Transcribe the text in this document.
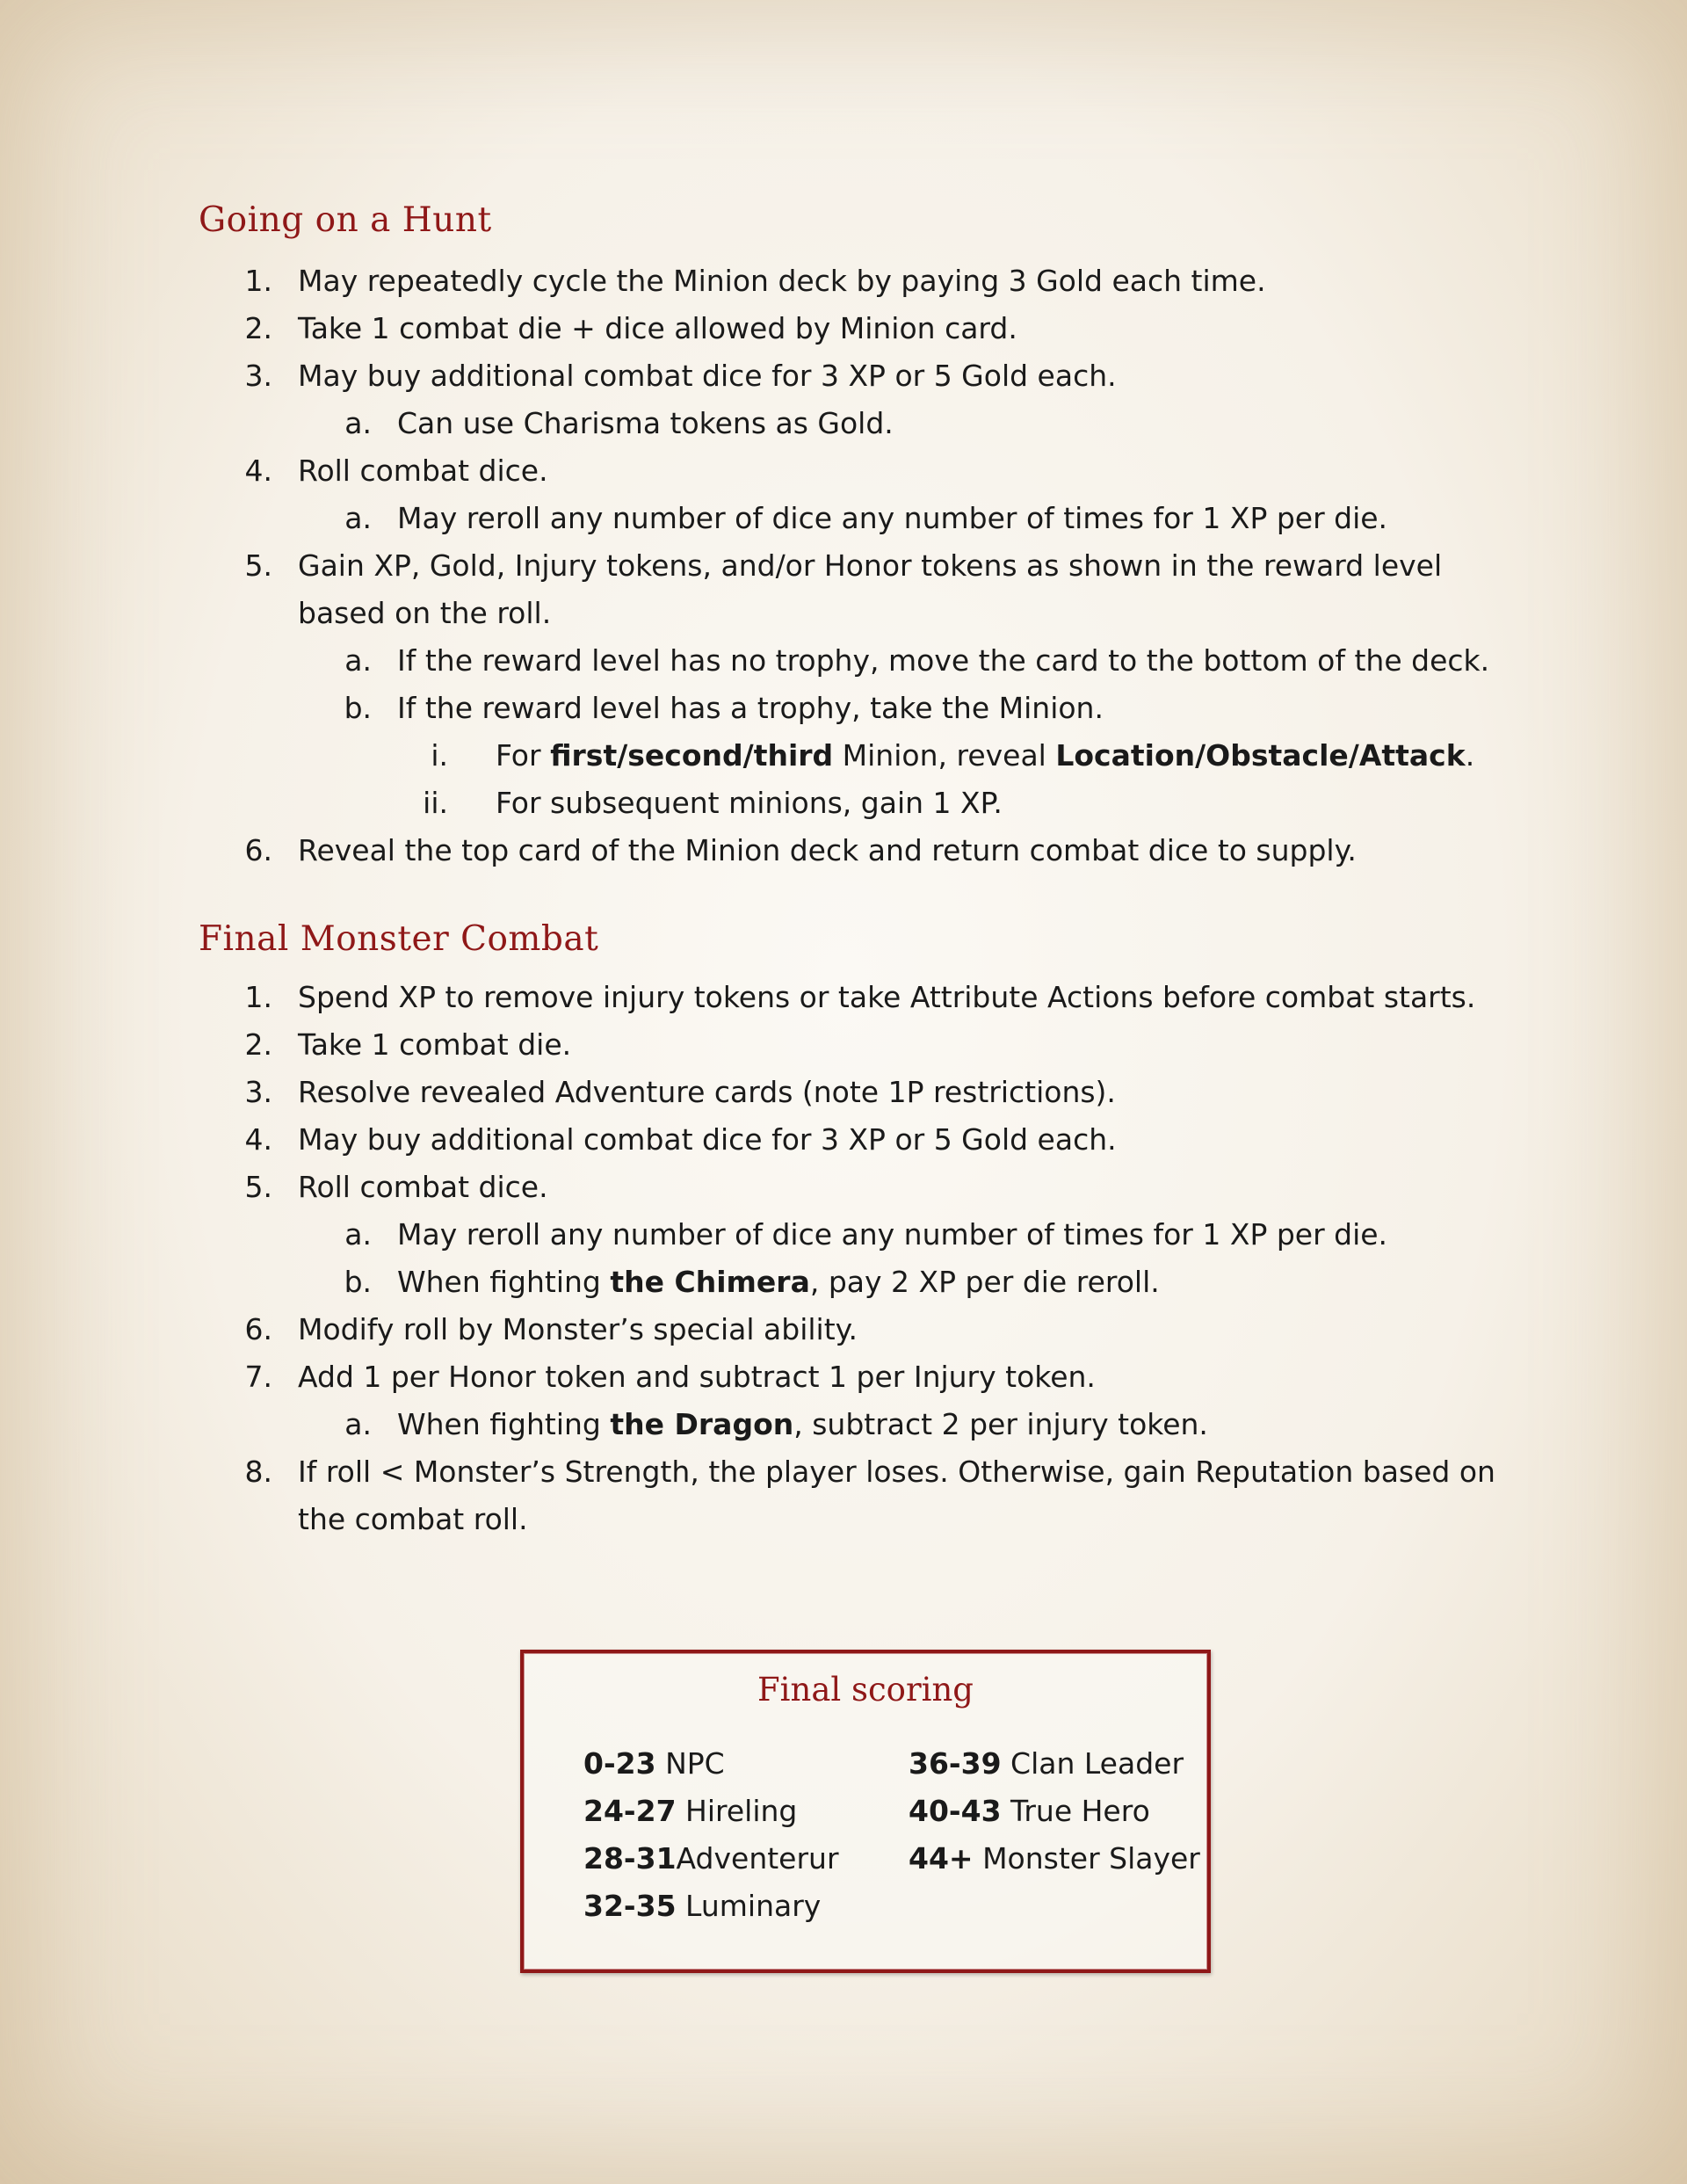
Going on a Hunt
1. May repeatedly cycle the Minion deck by paying 3 Gold each time.
2. Take 1 combat die + dice allowed by Minion card.
3. May buy additional combat dice for 3 XP or 5 Gold each.
a. Can use Charisma tokens as Gold.
4. Roll combat dice.
a. May reroll any number of dice any number of times for 1 XP per die.
5. Gain XP, Gold, Injury tokens, and/or Honor tokens as shown in the reward level
based on the roll.
a. If the reward level has no trophy, move the card to the bottom of the deck.
b. If the reward level has a trophy, take the Minion.
i. For first/second/third Minion, reveal Location/Obstacle/Attack.
ii. For subsequent minions, gain 1 XP.
6. Reveal the top card of the Minion deck and return combat dice to supply.
Final Monster Combat
1. Spend XP to remove injury tokens or take Attribute Actions before combat starts.
2. Take 1 combat die.
3. Resolve revealed Adventure cards (note 1P restrictions).
4. May buy additional combat dice for 3 XP or 5 Gold each.
5. Roll combat dice.
a. May reroll any number of dice any number of times for 1 XP per die.
b. When fighting the Chimera, pay 2 XP per die reroll.
6. Modify roll by Monster’s special ability.
7. Add 1 per Honor token and subtract 1 per Injury token.
a. When fighting the Dragon, subtract 2 per injury token.
8. If roll < Monster’s Strength, the player loses. Otherwise, gain Reputation based on
the combat roll.
Final scoring
0-23 NPC
24-27 Hireling
28-31Adventerur
32-35 Luminary
36-39 Clan Leader
40-43 True Hero
44+ Monster Slayer
